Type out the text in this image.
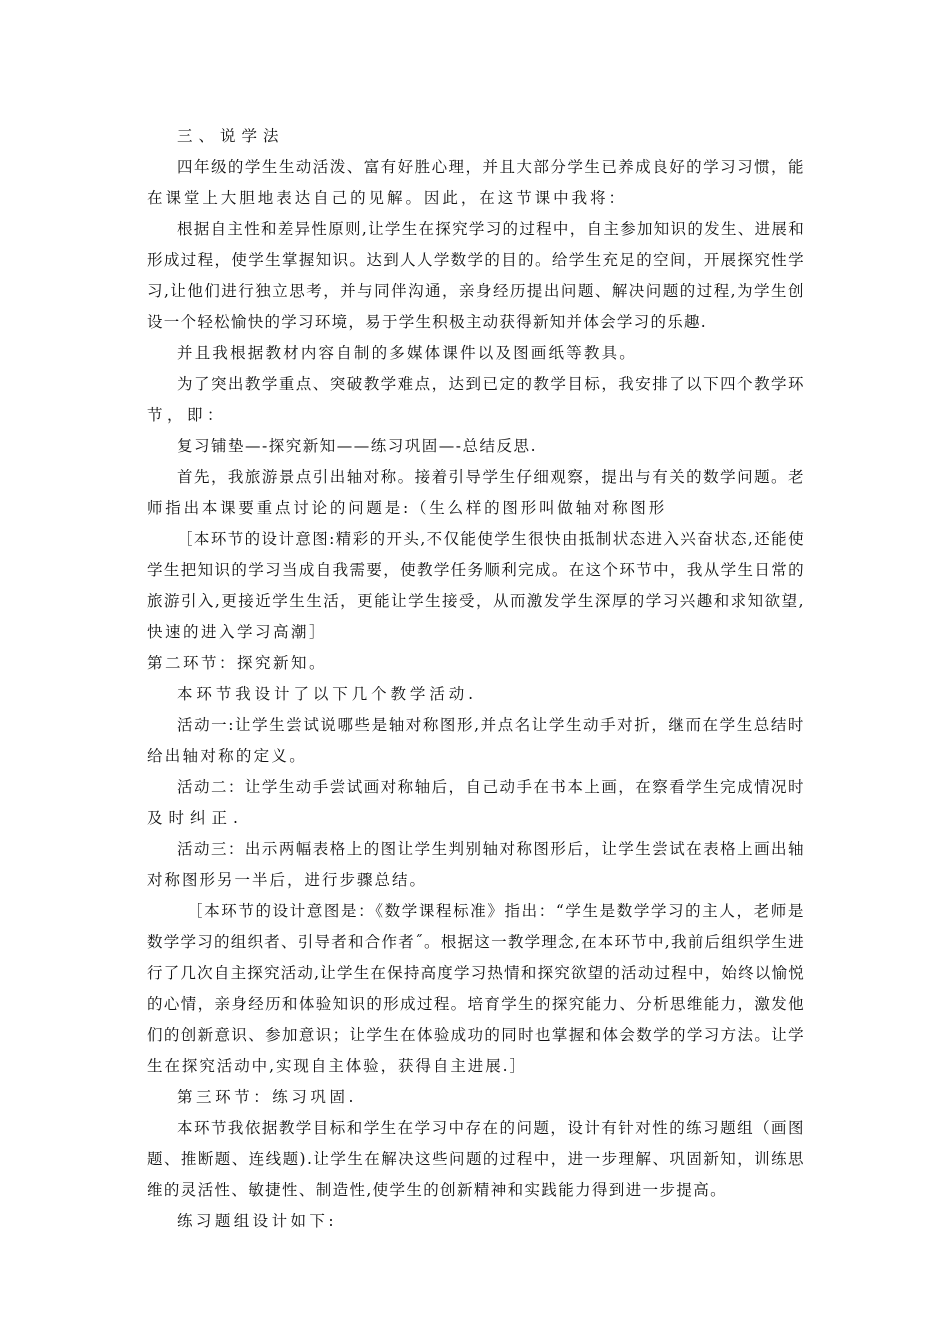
三、说学法
四年级的学生生动活泼、富有好胜心理，并且大部分学生已养成良好的学习习惯，能
在课堂上大胆地表达自己的见解。因此，在这节课中我将：
根据自主性和差异性原则,让学生在探究学习的过程中，自主参加知识的发生、进展和
形成过程，使学生掌握知识。达到人人学数学的目的。给学生充足的空间，开展探究性学
习,让他们进行独立思考，并与同伴沟通，亲身经历提出问题、解决问题的过程,为学生创
设一个轻松愉快的学习环境，易于学生积极主动获得新知并体会学习的乐趣.
并且我根据教材内容自制的多媒体课件以及图画纸等教具。
为了突出教学重点、突破教学难点，达到已定的教学目标，我安排了以下四个教学环
节，即：
复习铺垫—-探究新知——练习巩固—-总结反思.
首先，我旅游景点引出轴对称。接着引导学生仔细观察，提出与有关的数学问题。老
师指出本课要重点讨论的问题是:（生么样的图形叫做轴对称图形
［本环节的设计意图:精彩的开头,不仅能使学生很快由抵制状态进入兴奋状态,还能使
学生把知识的学习当成自我需要，使教学任务顺利完成。在这个环节中，我从学生日常的
旅游引入,更接近学生生活，更能让学生接受，从而激发学生深厚的学习兴趣和求知欲望,
快速的进入学习高潮］
第二环节：探究新知。
本环节我设计了以下几个教学活动.
活动一:让学生尝试说哪些是轴对称图形,并点名让学生动手对折，继而在学生总结时
给出轴对称的定义。
活动二：让学生动手尝试画对称轴后，自己动手在书本上画，在察看学生完成情况时
及时纠正.
活动三：出示两幅表格上的图让学生判别轴对称图形后，让学生尝试在表格上画出轴
对称图形另一半后，进行步骤总结。
［本环节的设计意图是：《数学课程标准》指出：“学生是数学学习的主人，老师是
数学学习的组织者、引导者和合作者˝。根据这一教学理念,在本环节中,我前后组织学生进
行了几次自主探究活动,让学生在保持高度学习热情和探究欲望的活动过程中，始终以愉悦
的心情，亲身经历和体验知识的形成过程。培育学生的探究能力、分析思维能力，激发他
们的创新意识、参加意识；让学生在体验成功的同时也掌握和体会数学的学习方法。让学
生在探究活动中,实现自主体验，获得自主进展.］
第三环节：练习巩固.
本环节我依据教学目标和学生在学习中存在的问题，设计有针对性的练习题组（画图
题、推断题、连线题).让学生在解决这些问题的过程中，进一步理解、巩固新知，训练思
维的灵活性、敏捷性、制造性,使学生的创新精神和实践能力得到进一步提高。
练习题组设计如下:
